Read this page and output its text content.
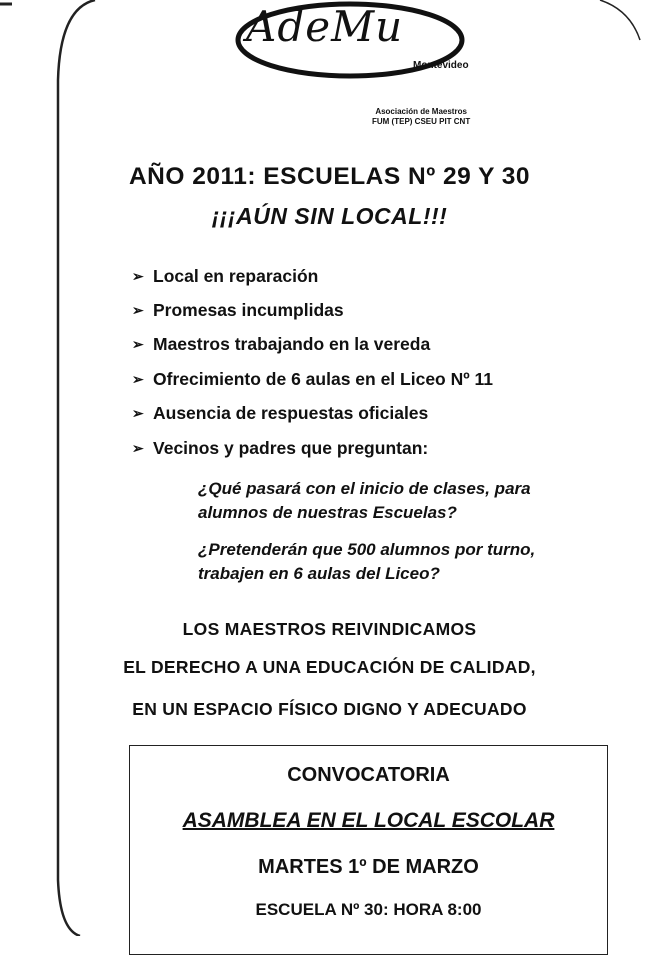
AdeMu
Montevideo
Asociación de Maestros
FUM (TEP) CSEU PIT CNT
AÑO 2011: ESCUELAS Nº 29 Y 30
¡¡¡AÚN SIN LOCAL!!!
➢ Local en reparación
➢ Promesas incumplidas
➢ Maestros trabajando en la vereda
➢ Ofrecimiento de 6 aulas en el Liceo Nº 11
➢ Ausencia de respuestas oficiales
➢ Vecinos y padres que preguntan:
¿Qué pasará con el inicio de clases, para
alumnos de nuestras Escuelas?
¿Pretenderán que 500 alumnos por turno,
trabajen en 6 aulas del Liceo?
LOS MAESTROS REIVINDICAMOS
EL DERECHO A UNA EDUCACIÓN DE CALIDAD,
EN UN ESPACIO FÍSICO DIGNO Y ADECUADO
CONVOCATORIA
ASAMBLEA EN EL LOCAL ESCOLAR
MARTES 1º DE MARZO
ESCUELA Nº 30: HORA 8:00
